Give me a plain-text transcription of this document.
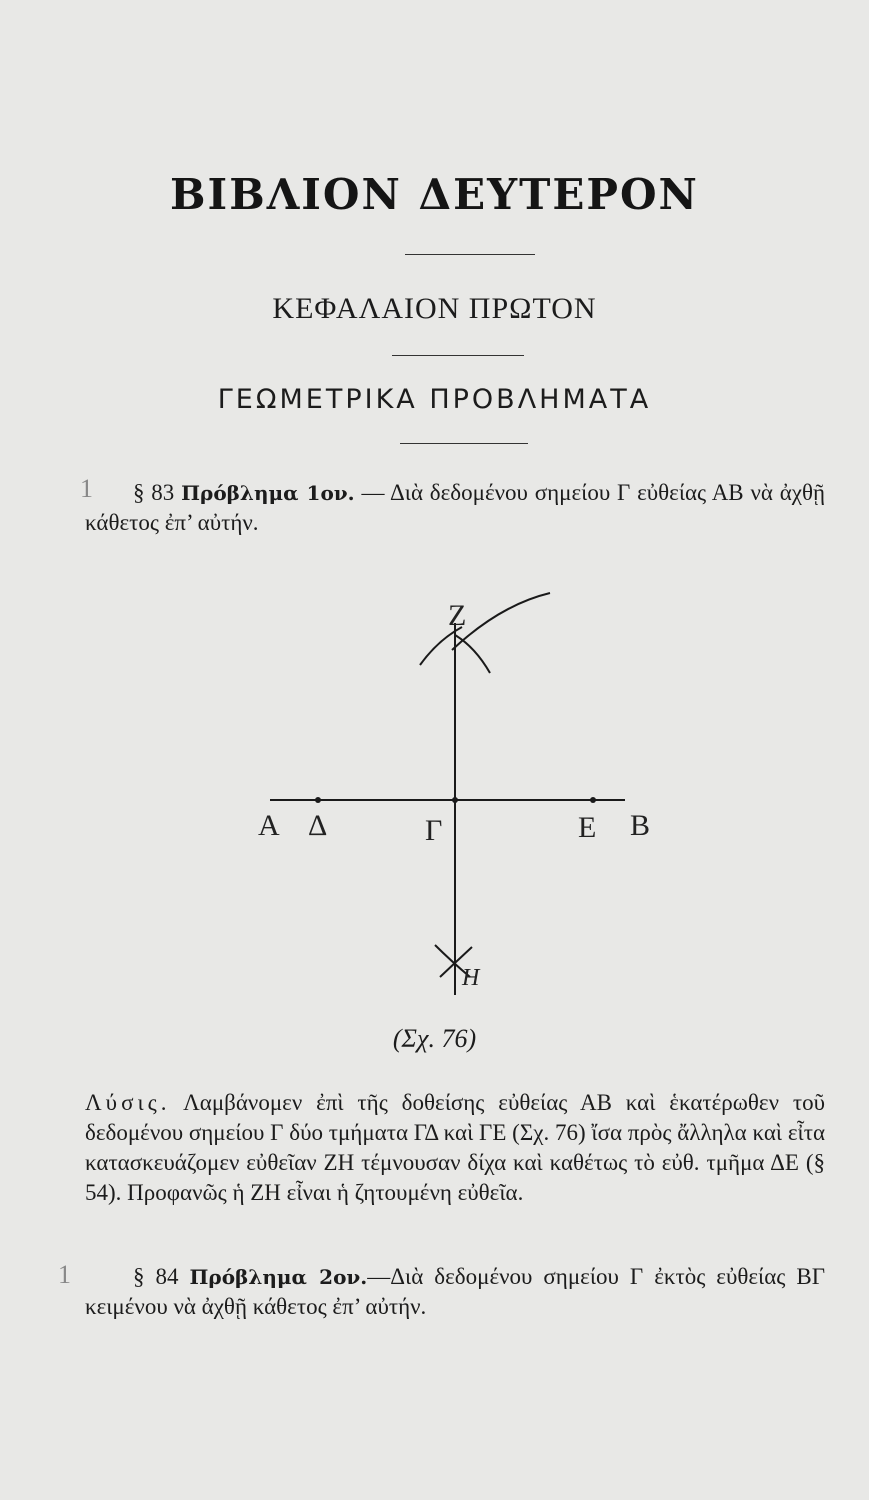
ΒΙΒΛΙΟΝ ΔΕΥΤΕΡΟΝ
ΚΕΦΑΛΑΙΟΝ ΠΡΩΤΟΝ
ΓΕΩΜΕΤΡΙΚΑ ΠΡΟΒΛΗΜΑΤΑ
1	§ 83 Πρόβλημα 1ον. — Διὰ δεδομένου σημείου Γ εὐθείας ΑΒ νὰ ἀχθῇ κάθετος ἐπ’ αὐτήν.
A Δ	Γ	Ε B
Z
H
(Σχ. 76)
Λύσις. Λαμβάνομεν ἐπὶ τῆς δοθείσης εὐθείας ΑΒ καὶ ἑκατέρωθεν τοῦ δεδομένου σημείου Γ δύο τμήματα ΓΔ καὶ ΓΕ (Σχ. 76) ἴσα πρὸς ἄλληλα καὶ εἶτα κατασκευάζομεν εὐθεῖαν ΖΗ τέμνουσαν δίχα καὶ καθέτως τὸ εὐθ. τμῆμα ΔΕ (§ 54). Προφανῶς ἡ ΖΗ εἶναι ἡ ζητουμένη εὐθεῖα.
1	§ 84 Πρόβλημα 2ον.—Διὰ δεδομένου σημείου Γ ἐκτὸς εὐθείας ΒΓ κειμένου νὰ ἀχθῇ κάθετος ἐπ’ αὐτήν.
